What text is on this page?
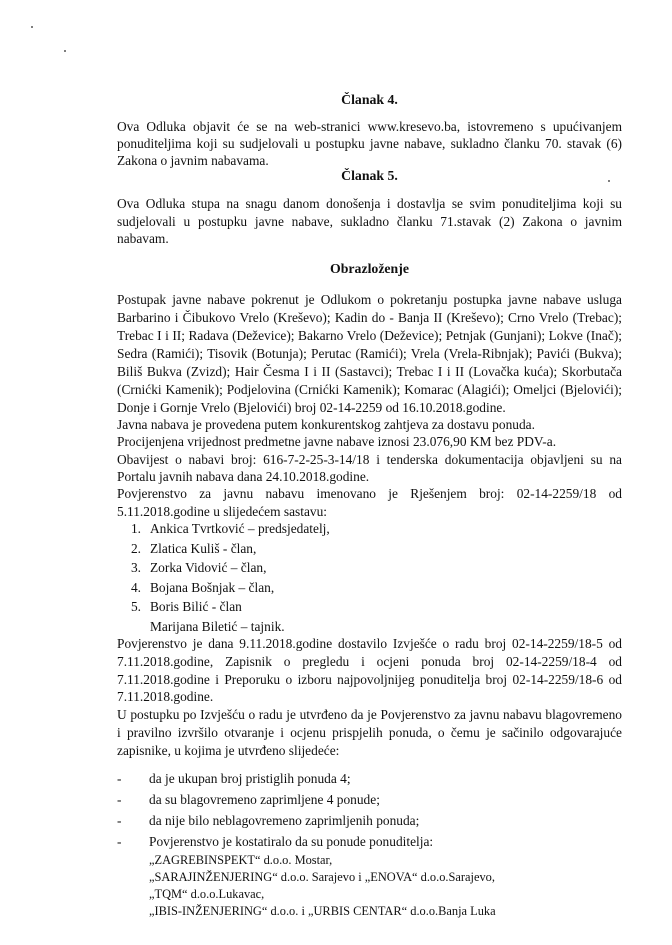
Članak 4.
Ova Odluka objavit će se na web-stranici www.kresevo.ba, istovremeno s upućivanjem
ponuditeljima koji su sudjelovali u postupku javne nabave, sukladno članku 70. stavak (6)
Zakona o javnim nabavama.
Članak 5.
Ova Odluka stupa na snagu danom donošenja i dostavlja se svim ponuditeljima koji su
sudjelovali u postupku javne nabave, sukladno članku 71.stavak (2) Zakona o javnim
nabavam.
Obrazloženje
Postupak javne nabave pokrenut je Odlukom o pokretanju postupka javne nabave usluga
Barbarino i Čibukovo Vrelo (Kreševo); Kadin do - Banja II (Kreševo); Crno Vrelo (Trebac);
Trebac I i II; Radava (Deževice); Bakarno Vrelo (Deževice); Petnjak (Gunjani); Lokve (Inač);
Sedra (Ramići); Tisovik (Botunja); Perutac (Ramići); Vrela (Vrela-Ribnjak); Pavići (Bukva);
Biliš Bukva (Zvizd); Hair Česma I i II (Sastavci); Trebac I i II (Lovačka kuća); Skorbutača
(Crnićki Kamenik); Podjelovina (Crnićki Kamenik); Komarac (Alagići); Omeljci (Bjelovići);
Donje i Gornje Vrelo (Bjelovići) broj 02-14-2259 od 16.10.2018.godine.
Javna nabava je provedena putem konkurentskog zahtjeva za dostavu ponuda.
Procijenjena vrijednost predmetne javne nabave iznosi 23.076,90 KM bez PDV-a.
Obavijest o nabavi broj: 616-7-2-25-3-14/18 i tenderska dokumentacija objavljeni su na
Portalu javnih nabava dana 24.10.2018.godine.
Povjerenstvo za javnu nabavu imenovano je Rješenjem broj: 02-14-2259/18 od
5.11.2018.godine u slijedećem sastavu:
1. Ankica Tvrtković – predsjedatelj,
2. Zlatica Kuliš - član,
3. Zorka Vidović – član,
4. Bojana Bošnjak – član,
5. Boris Bilić - član
Marijana Biletić – tajnik.
Povjerenstvo je dana 9.11.2018.godine dostavilo Izvješće o radu broj 02-14-2259/18-5 od
7.11.2018.godine, Zapisnik o pregledu i ocjeni ponuda broj 02-14-2259/18-4 od
7.11.2018.godine i Preporuku o izboru najpovoljnijeg ponuditelja broj 02-14-2259/18-6 od
7.11.2018.godine.
U postupku po Izvješću o radu je utvrđeno da je Povjerenstvo za javnu nabavu blagovremeno
i pravilno izvršilo otvaranje i ocjenu prispjelih ponuda, o čemu je sačinilo odgovarajuće
zapisnike, u kojima je utvrđeno slijedeće:
- da je ukupan broj pristiglih ponuda 4;
- da su blagovremeno zaprimljene 4 ponude;
- da nije bilo neblagovremeno zaprimljenih ponuda;
- Povjerenstvo je kostatiralo da su ponude ponuditelja:
„ZAGREBINSPEKT“ d.o.o. Mostar,
„SARAJINŽENJERING“ d.o.o. Sarajevo i „ENOVA“ d.o.o.Sarajevo,
„TQM“ d.o.o.Lukavac,
„IBIS-INŽENJERING“ d.o.o. i „URBIS CENTAR“ d.o.o.Banja Luka
